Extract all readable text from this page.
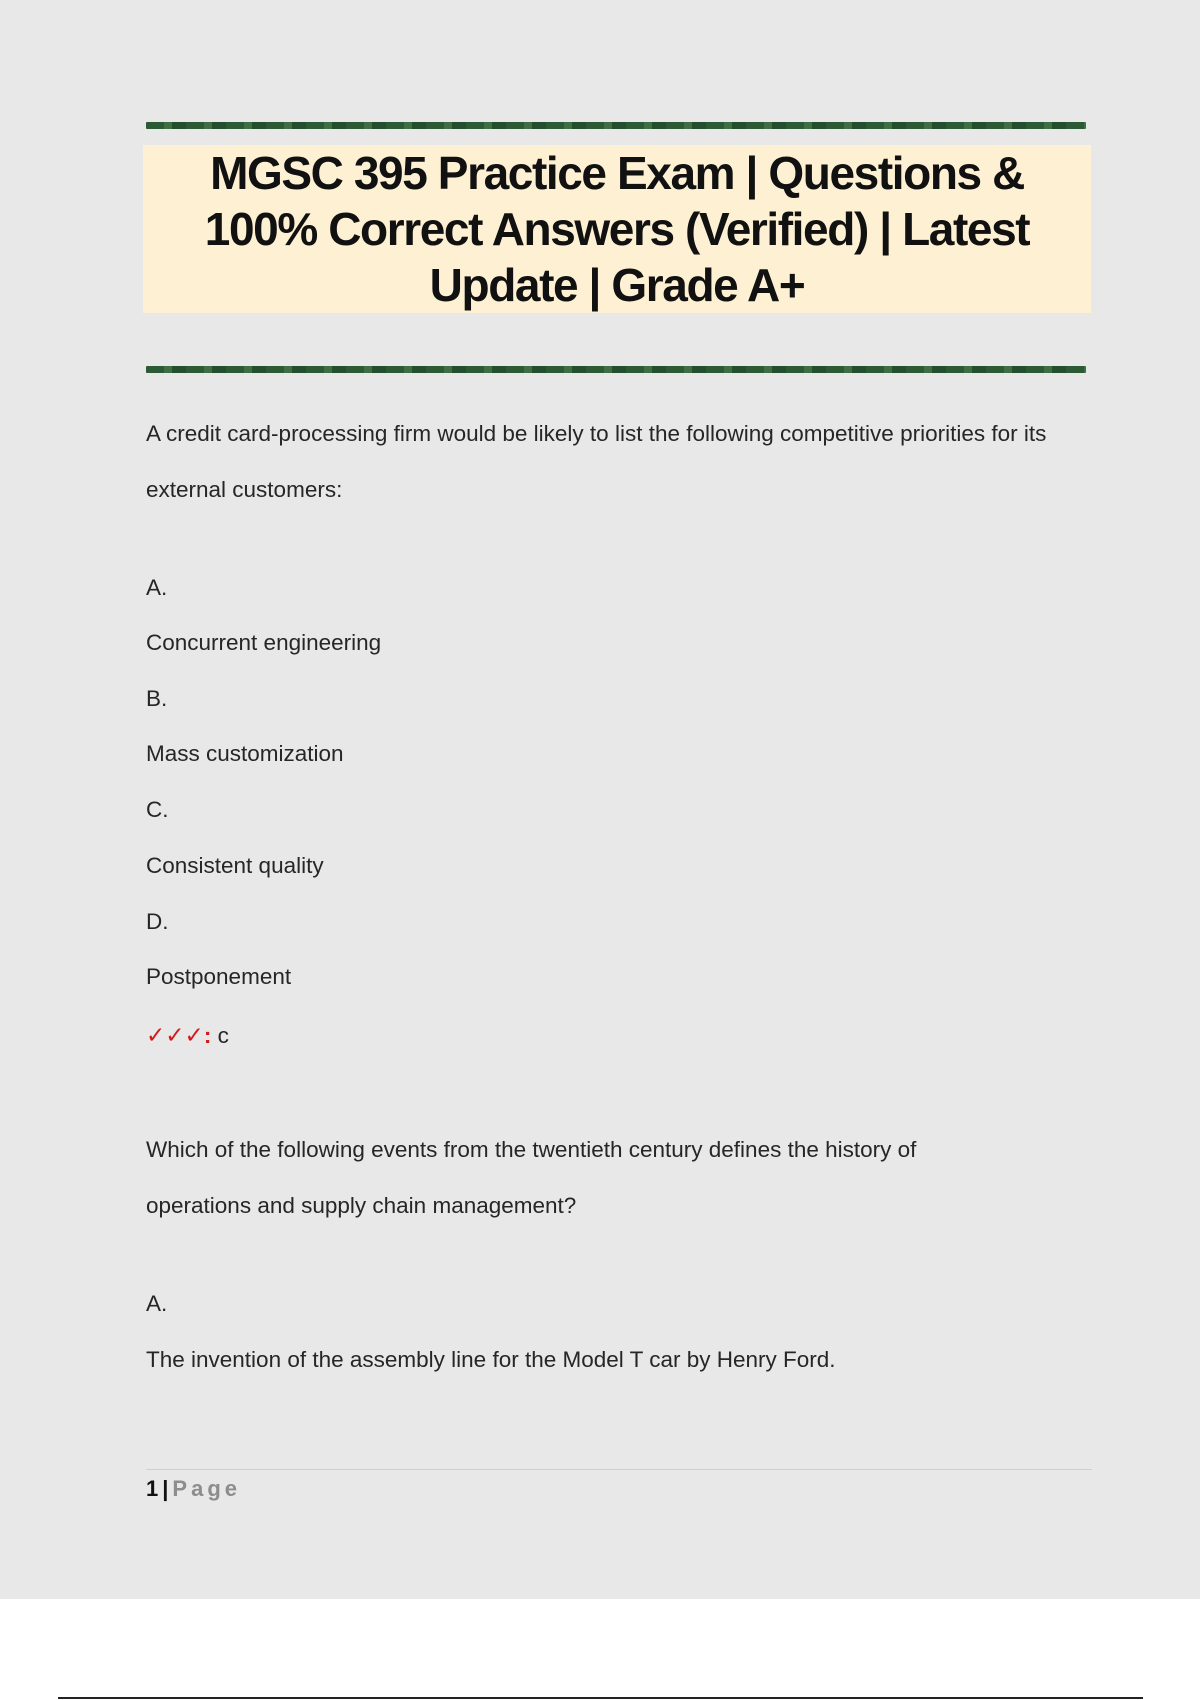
MGSC 395 Practice Exam | Questions & 100% Correct Answers (Verified) | Latest Update | Grade A+

A credit card-processing firm would be likely to list the following competitive priorities for its external customers:

A.

Concurrent engineering

B.

Mass customization

C.

Consistent quality

D.

Postponement

✓✓✓: c

Which of the following events from the twentieth century defines the history of operations and supply chain management?

A.

The invention of the assembly line for the Model T car by Henry Ford.

1 | Page
